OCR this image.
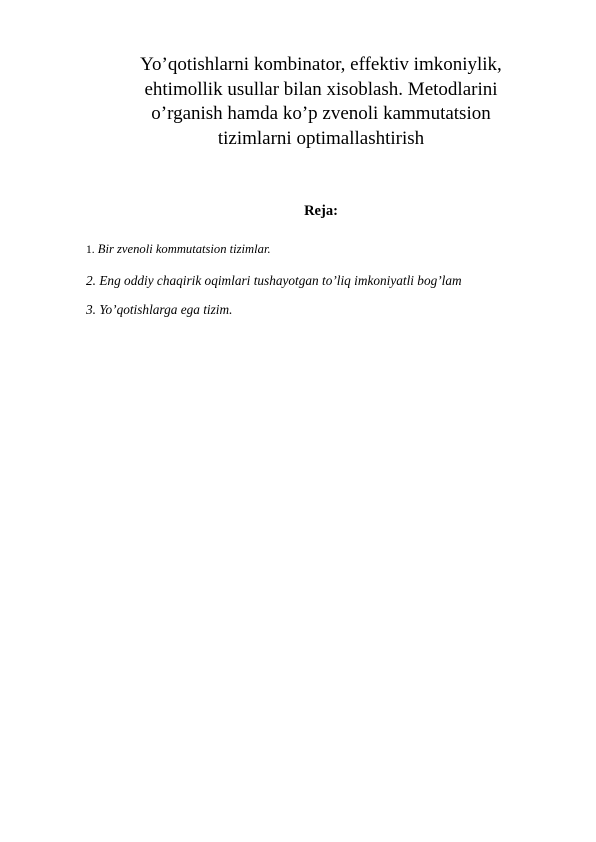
Yo’qotishlarni kombinator, effektiv imkoniylik,
ehtimollik usullar bilan xisoblash. Metodlarini
o’rganish hamda ko’p zvenoli kammutatsion
tizimlarni optimallashtirish
Reja:
1. Bir zvenoli kommutatsion tizimlar.
2. Eng oddiy chaqirik oqimlari tushayotgan to’liq imkoniyatli bog’lam
3. Yo’qotishlarga ega tizim.
